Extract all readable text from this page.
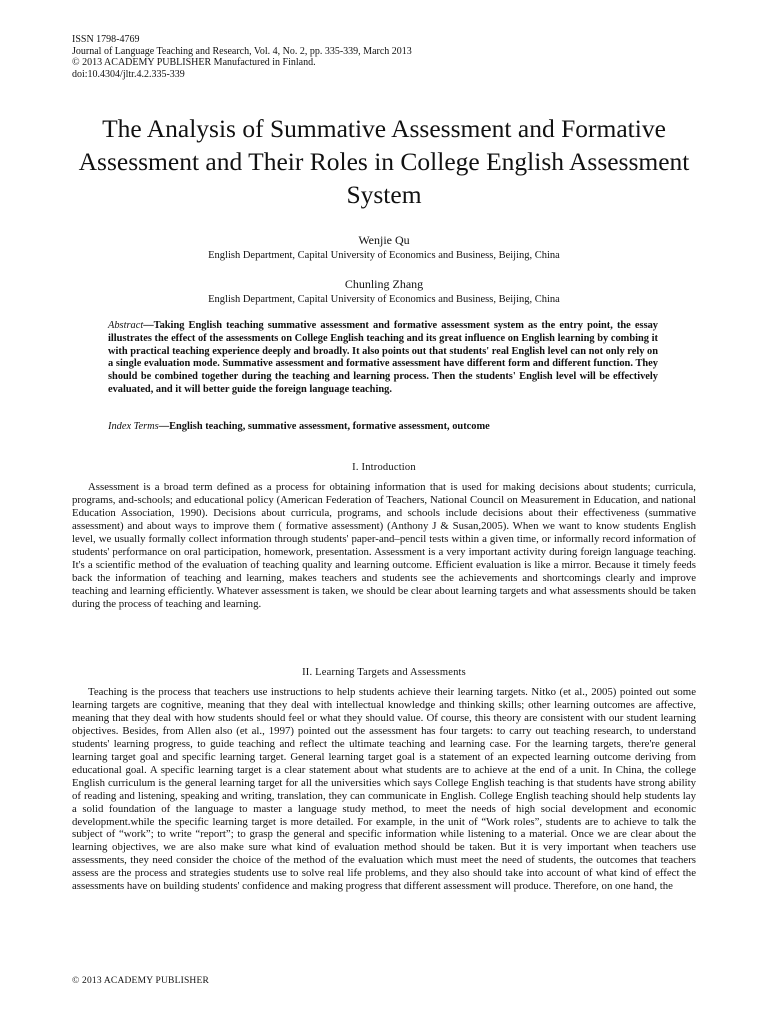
ISSN 1798-4769
Journal of Language Teaching and Research, Vol. 4, No. 2, pp. 335-339, March 2013
© 2013 ACADEMY PUBLISHER Manufactured in Finland.
doi:10.4304/jltr.4.2.335-339
The Analysis of Summative Assessment and Formative Assessment and Their Roles in College English Assessment System
Wenjie Qu
English Department, Capital University of Economics and Business, Beijing, China
Chunling Zhang
English Department, Capital University of Economics and Business, Beijing, China
Abstract—Taking English teaching summative assessment and formative assessment system as the entry point, the essay illustrates the effect of the assessments on College English teaching and its great influence on English learning by combing it with practical teaching experience deeply and broadly. It also points out that students' real English level can not only rely on a single evaluation mode. Summative assessment and formative assessment have different form and different function. They should be combined together during the teaching and learning process. Then the students' English level will be effectively evaluated, and it will better guide the foreign language teaching.
Index Terms—English teaching, summative assessment, formative assessment, outcome
I. Introduction

Assessment is a broad term defined as a process for obtaining information that is used for making decisions about students; curricula, programs, and-schools; and educational policy (American Federation of Teachers, National Council on Measurement in Education, and national Education Association, 1990). Decisions about curricula, programs, and schools include decisions about their effectiveness (summative assessment) and about ways to improve them ( formative assessment) (Anthony J & Susan,2005). When we want to know students English level, we usually formally collect information through students' paper-and–pencil tests within a given time, or informally record information of students' performance on oral participation, homework, presentation. Assessment is a very important activity during foreign language teaching. It's a scientific method of the evaluation of teaching quality and learning outcome. Efficient evaluation is like a mirror. Because it timely feeds back the information of teaching and learning, makes teachers and students see the achievements and shortcomings clearly and improve teaching and learning efficiently. Whatever assessment is taken, we should be clear about learning targets and what assessments should be taken during the process of teaching and learning.

II. Learning Targets and Assessments

Teaching is the process that teachers use instructions to help students achieve their learning targets. Nitko (et al., 2005) pointed out some learning targets are cognitive, meaning that they deal with intellectual knowledge and thinking skills; other learning outcomes are affective, meaning that they deal with how students should feel or what they should value. Of course, this theory are consistent with our student learning objectives. Besides, from Allen also (et al., 1997) pointed out the assessment has four targets: to carry out teaching research, to understand students' learning progress, to guide teaching and reflect the ultimate teaching and learning case. For the learning targets, there're general learning target goal and specific learning target. General learning target goal is a statement of an expected learning outcome deriving from educational goal. A specific learning target is a clear statement about what students are to achieve at the end of a unit. In China, the college English curriculum is the general learning target for all the universities which says College English teaching is that students have strong ability of reading and listening, speaking and writing, translation, they can communicate in English. College English teaching should help students lay a solid foundation of the language to master a language study method, to meet the needs of high social development and economic development.while the specific learning target is more detailed. For example, in the unit of “Work roles”, students are to achieve to talk the subject of “work”; to write “report”; to grasp the general and specific information while listening to a material. Once we are clear about the learning objectives, we are also make sure what kind of evaluation method should be taken. But it is very important when teachers use assessments, they need consider the choice of the method of the evaluation which must meet the need of students, the outcomes that teachers assess are the process and strategies students use to solve real life problems, and they also should take into account of what kind of effect the assessments have on building students' confidence and making progress that different assessment will produce. Therefore, on one hand, the

© 2013 ACADEMY PUBLISHER
